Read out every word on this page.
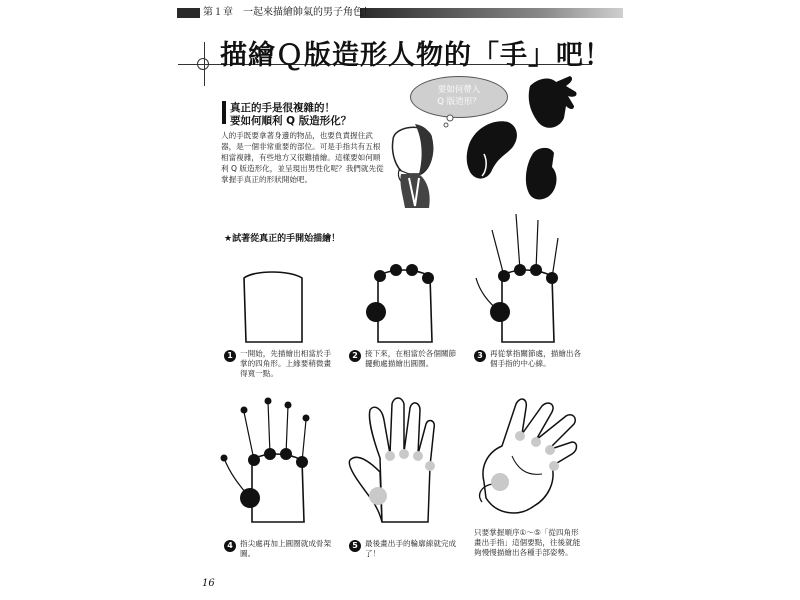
第１章　一起來描繪帥氣的男子角色！
描繪Ｑ版造形人物的「手」吧！
真正的手是很複雜的！
要如何順利 Q 版造形化？
人的手既要拿著身邊的物品，也要負責握住武
器，是一個非常重要的部位。可是手指共有五根
相當複雜，有些地方又很難描繪。這樣要如何順
利 Q 版造形化，並呈現出男性化呢？我們就先從
掌握手真正的形狀開始吧。
要如何帶入
Q 版造形？
★試著從真正的手開始描繪！
1 一開始，先描繪出相當於手
掌的四角形。上緣要稍微畫
得寬一點。
2 接下來，在相當於各個關節
擺動處描繪出圓圈。
3 再從掌指關節處，描繪出各
個手指的中心線。
4 指尖處再加上圓圈就成骨架
圖。
5 最後畫出手的輪廓線就完成
了！
只要掌握順序①～⑤「從四角形
畫出手指」這個要點，往後就能
夠慢慢描繪出各種手部姿勢。
16
